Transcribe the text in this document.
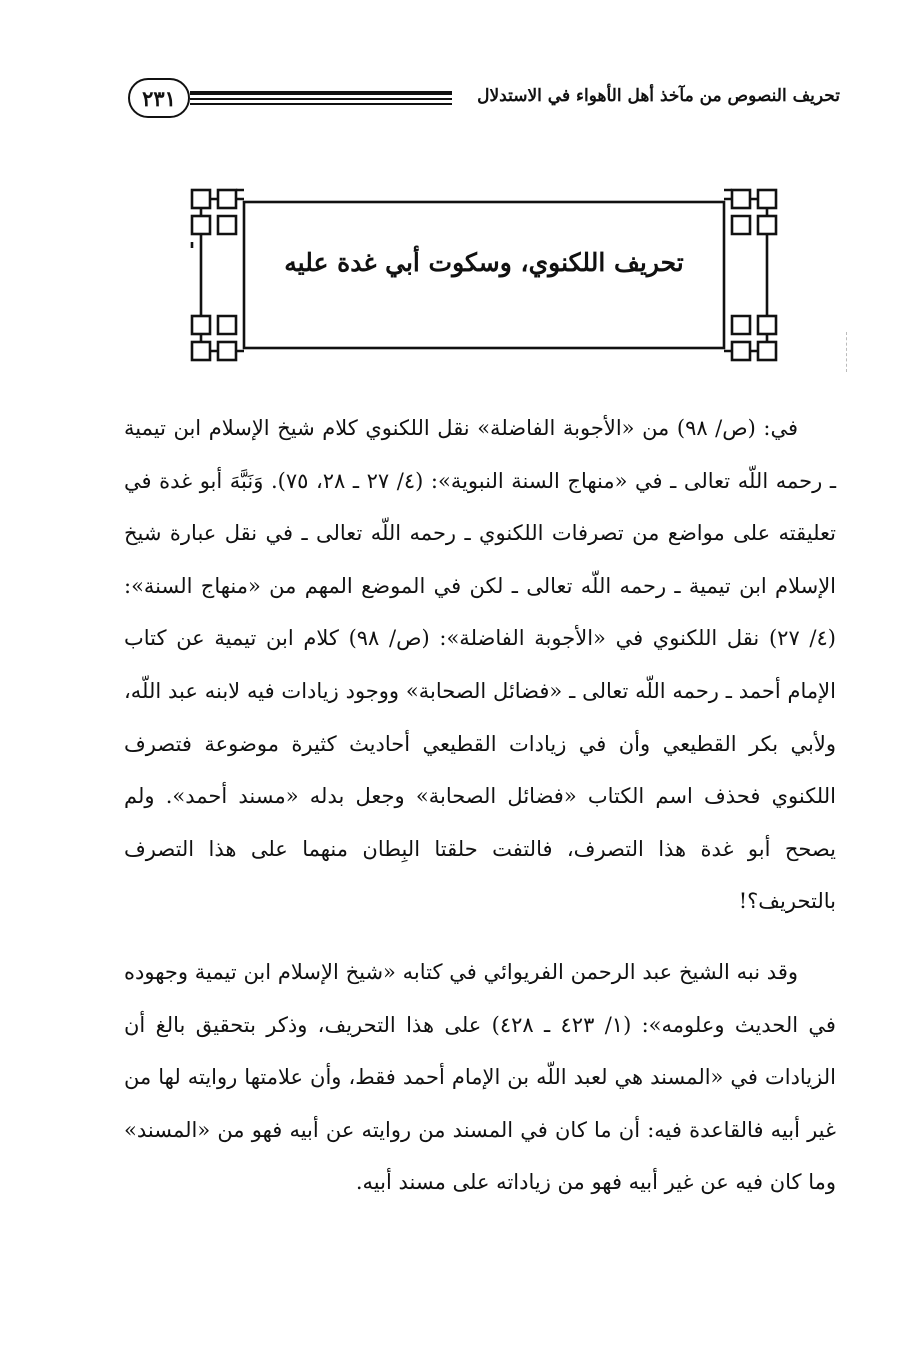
تحريف النصوص من مآخذ أهل الأهواء في الاستدلال
٢٣١
تحريف اللكنوي، وسكوت أبي غدة عليه

في: (ص/ ٩٨) من «الأجوبة الفاضلة» نقل اللكنوي كلام شيخ الإسلام ابن تيمية ـ رحمه اللّه تعالى ـ في «منهاج السنة النبوية»: (٤/ ٢٧ ـ ٢٨، ٧٥). وَنَبَّهَ أبو غدة في تعليقته على مواضع من تصرفات اللكنوي ـ رحمه اللّه تعالى ـ في نقل عبارة شيخ الإسلام ابن تيمية ـ رحمه اللّه تعالى ـ لكن في الموضع المهم من «منهاج السنة»: (٤/ ٢٧) نقل اللكنوي في «الأجوبة الفاضلة»: (ص/ ٩٨) كلام ابن تيمية عن كتاب الإمام أحمد ـ رحمه اللّه تعالى ـ «فضائل الصحابة» ووجود زيادات فيه لابنه عبد اللّه، ولأبي بكر القطيعي وأن في زيادات القطيعي أحاديث كثيرة موضوعة فتصرف اللكنوي فحذف اسم الكتاب «فضائل الصحابة» وجعل بدله «مسند أحمد». ولم يصحح أبو غدة هذا التصرف، فالتفت حلقتا البِطان منهما على هذا التصرف بالتحريف؟!

وقد نبه الشيخ عبد الرحمن الفريوائي في كتابه «شيخ الإسلام ابن تيمية وجهوده في الحديث وعلومه»: (١/ ٤٢٣ ـ ٤٢٨) على هذا التحريف، وذكر بتحقيق بالغ أن الزيادات في «المسند هي لعبد اللّه بن الإمام أحمد فقط، وأن علامتها روايته لها من غير أبيه فالقاعدة فيه: أن ما كان في المسند من روايته عن أبيه فهو من «المسند» وما كان فيه عن غير أبيه فهو من زياداته على مسند أبيه.
